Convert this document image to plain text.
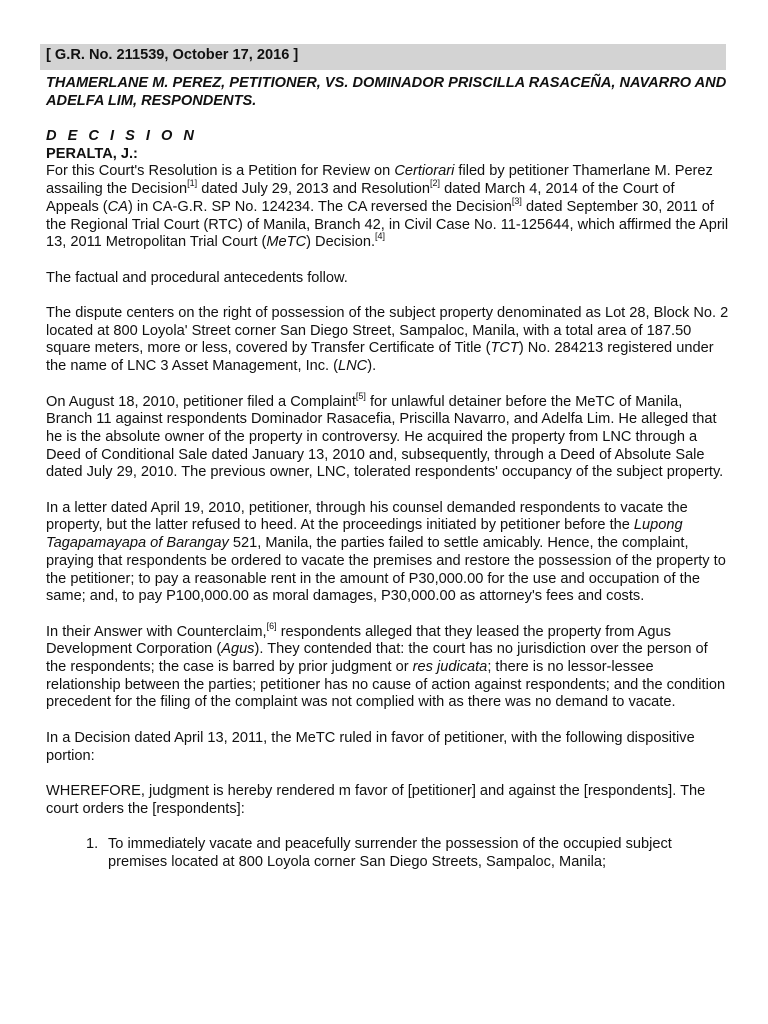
[ G.R. No. 211539, October 17, 2016 ]
THAMERLANE M. PEREZ, PETITIONER, VS. DOMINADOR PRISCILLA RASACEÑA, NAVARRO AND ADELFA LIM, RESPONDENTS.
D E C I S I O N
PERALTA, J.:

For this Court's Resolution is a Petition for Review on Certiorari filed by petitioner Thamerlane M. Perez assailing the Decision[1] dated July 29, 2013 and Resolution[2] dated March 4, 2014 of the Court of Appeals (CA) in CA-G.R. SP No. 124234. The CA reversed the Decision[3] dated September 30, 2011 of the Regional Trial Court (RTC) of Manila, Branch 42, in Civil Case No. 11-125644, which affirmed the April 13, 2011 Metropolitan Trial Court (MeTC) Decision.[4]

The factual and procedural antecedents follow.

The dispute centers on the right of possession of the subject property denominated as Lot 28, Block No. 2 located at 800 Loyola' Street corner San Diego Street, Sampaloc, Manila, with a total area of 187.50 square meters, more or less, covered by Transfer Certificate of Title (TCT) No. 284213 registered under the name of LNC 3 Asset Management, Inc. (LNC).

On August 18, 2010, petitioner filed a Complaint[5] for unlawful detainer before the MeTC of Manila, Branch 11 against respondents Dominador Rasacefia, Priscilla Navarro, and Adelfa Lim. He alleged that he is the absolute owner of the property in controversy. He acquired the property from LNC through a Deed of Conditional Sale dated January 13, 2010 and, subsequently, through a Deed of Absolute Sale dated July 29, 2010. The previous owner, LNC, tolerated respondents' occupancy of the subject property.

In a letter dated April 19, 2010, petitioner, through his counsel demanded respondents to vacate the property, but the latter refused to heed. At the proceedings initiated by petitioner before the Lupong Tagapamayapa of Barangay 521, Manila, the parties failed to settle amicably. Hence, the complaint, praying that respondents be ordered to vacate the premises and restore the possession of the property to the petitioner; to pay a reasonable rent in the amount of P30,000.00 for the use and occupation of the same; and, to pay P100,000.00 as moral damages, P30,000.00 as attorney's fees and costs.

In their Answer with Counterclaim,[6] respondents alleged that they leased the property from Agus Development Corporation (Agus). They contended that: the court has no jurisdiction over the person of the respondents; the case is barred by prior judgment or res judicata; there is no lessor-lessee relationship between the parties; petitioner has no cause of action against respondents; and the condition precedent for the filing of the complaint was not complied with as there was no demand to vacate.

In a Decision dated April 13, 2011, the MeTC ruled in favor of petitioner, with the following dispositive portion:

WHEREFORE, judgment is hereby rendered m favor of [petitioner] and against the [respondents]. The court orders the [respondents]:

1. To immediately vacate and peacefully surrender the possession of the occupied subject premises located at 800 Loyola corner San Diego Streets, Sampaloc, Manila;
